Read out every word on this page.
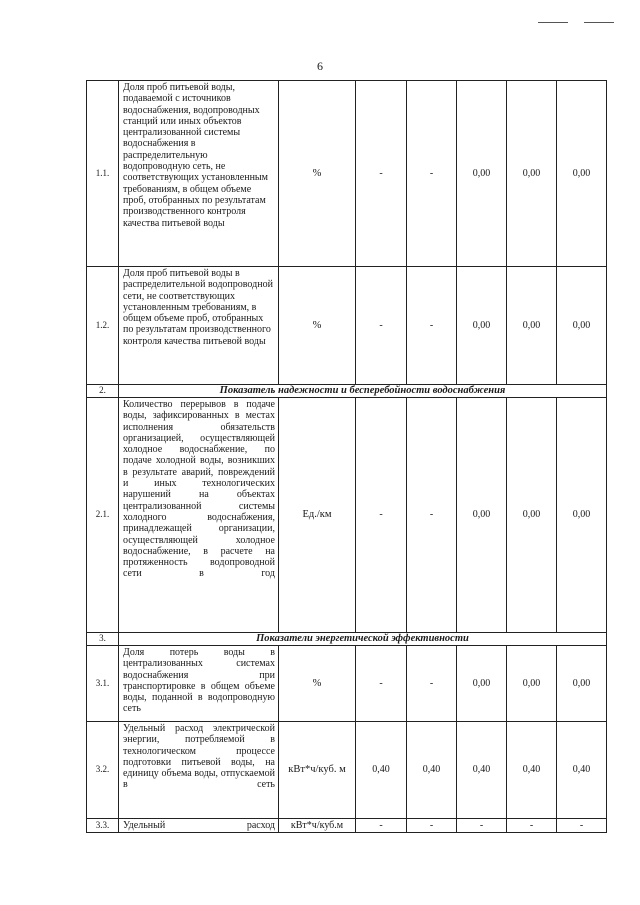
6
1.1.	Доля проб питьевой воды, подаваемой с источников водоснабжения, водопроводных станций или иных объектов централизованной системы водоснабжения в распределительную водопроводную сеть, не соответствующих установленным требованиям, в общем объеме проб, отобранных по результатам производственного контроля качества питьевой воды	%	-	-	0,00	0,00	0,00
1.2.	Доля проб питьевой воды в распределительной водопроводной сети, не соответствующих установленным требованиям, в общем объеме проб, отобранных по результатам производственного контроля качества питьевой воды	%	-	-	0,00	0,00	0,00
2.	Показатель надежности и бесперебойности водоснабжения						
2.1.	Количество перерывов в подаче воды, зафиксированных в местах исполнения обязательств организацией, осуществляющей холодное водоснабжение, по подаче холодной воды, возникших в результате аварий, повреждений и иных технологических нарушений на объектах централизованной системы холодного водоснабжения, принадлежащей организации, осуществляющей холодное водоснабжение, в расчете на протяженность водопроводной сети в год	Ед./км	-	-	0,00	0,00	0,00
3.	Показатели энергетической эффективности						
3.1.	Доля потерь воды в централизованных системах водоснабжения при транспортировке в общем объеме воды, поданной в водопроводную сеть	%	-	-	0,00	0,00	0,00
3.2.	Удельный расход электрической энергии, потребляемой в технологическом процессе подготовки питьевой воды, на единицу объема воды, отпускаемой в сеть	кВт*ч/куб. м	0,40	0,40	0,40	0,40	0,40
3.3.	Удельный расход	кВт*ч/куб.м	-	-	-	-	-
